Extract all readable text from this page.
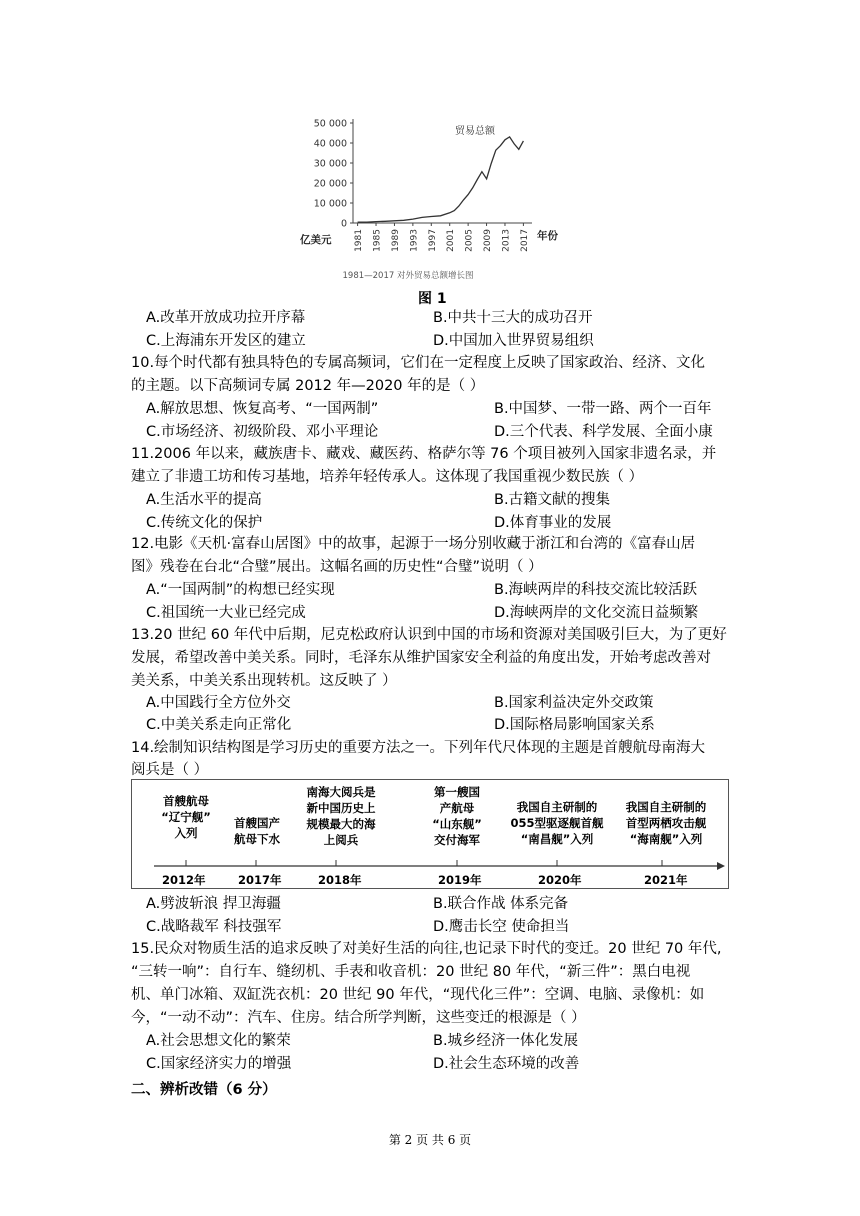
50 000
40 000
30 000
20 000
10 000
0
1981 1985 1989 1993 1997 2001 2005 2009 2013 2017
贸易总额
亿美元	年份
1981—2017 对外贸易总额增长图
图 1
A.改革开放成功拉开序幕	B.中共十三大的成功召开
C.上海浦东开发区的建立	D.中国加入世界贸易组织
10.每个时代都有独具特色的专属高频词，它们在一定程度上反映了国家政治、经济、文化
的主题。以下高频词专属 2012 年—2020 年的是（ ）
A.解放思想、恢复高考、“一国两制”	B.中国梦、一带一路、两个一百年
C.市场经济、初级阶段、邓小平理论	D.三个代表、科学发展、全面小康
11.2006 年以来，藏族唐卡、藏戏、藏医药、格萨尔等 76 个项目被列入国家非遗名录，并
建立了非遗工坊和传习基地，培养年轻传承人。这体现了我国重视少数民族（ ）
A.生活水平的提高	B.古籍文献的搜集
C.传统文化的保护	D.体育事业的发展
12.电影《天机·富春山居图》中的故事，起源于一场分别收藏于浙江和台湾的《富春山居
图》残卷在台北“合璧”展出。这幅名画的历史性“合璧”说明（ ）
A.“一国两制”的构想已经实现	B.海峡两岸的科技交流比较活跃
C.祖国统一大业已经完成	D.海峡两岸的文化交流日益频繁
13.20 世纪 60 年代中后期，尼克松政府认识到中国的市场和资源对美国吸引巨大，为了更好
发展，希望改善中美关系。同时，毛泽东从维护国家安全利益的角度出发，开始考虑改善对
美关系，中美关系出现转机。这反映了 ）
A.中国践行全方位外交	B.国家利益决定外交政策
C.中美关系走向正常化	D.国际格局影响国家关系
14.绘制知识结构图是学习历史的重要方法之一。下列年代尺体现的主题是首艘航母南海大
阅兵是（ ）
首艘航母
“辽宁舰”
入列
首艘国产
航母下水
南海大阅兵是
新中国历史上
规模最大的海
上阅兵
第一艘国
产航母
“山东舰”
交付海军
我国自主研制的
055型驱逐舰首舰
“南昌舰”入列
我国自主研制的
首型两栖攻击舰
“海南舰”入列
2012年	2017年	2018年	2019年	2020年	2021年
A.劈波斩浪 捍卫海疆	B.联合作战 体系完备
C.战略裁军 科技强军	D.鹰击长空 使命担当
15.民众对物质生活的追求反映了对美好生活的向往,也记录下时代的变迁。20 世纪 70 年代,
“三转一响”：自行车、缝纫机、手表和收音机：20 世纪 80 年代，“新三件”：黑白电视
机、单门冰箱、双缸洗衣机：20 世纪 90 年代，“现代化三件”：空调、电脑、录像机：如
今，“一动不动”：汽车、住房。结合所学判断，这些变迁的根源是（ ）
A.社会思想文化的繁荣	B.城乡经济一体化发展
C.国家经济实力的增强	D.社会生态环境的改善
二、辨析改错（6 分）
第 2 页 共 6 页
